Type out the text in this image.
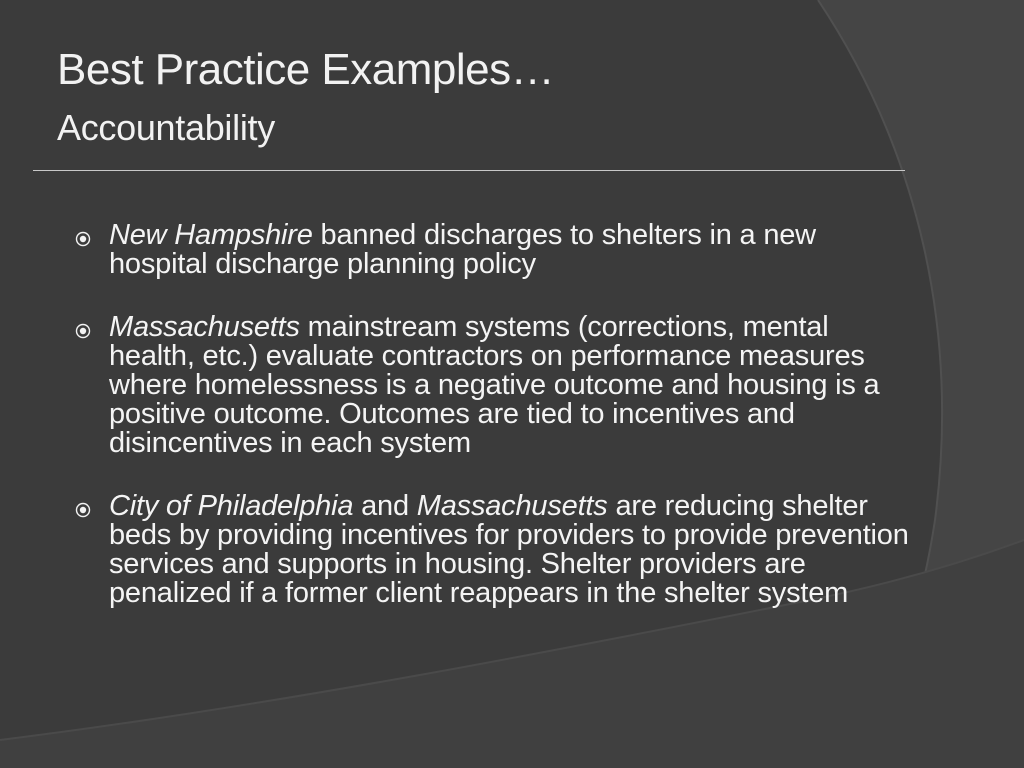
Best Practice Examples…
Accountability

New Hampshire banned discharges to shelters in a new hospital discharge planning policy

Massachusetts mainstream systems (corrections, mental health, etc.) evaluate contractors on performance measures where homelessness is a negative outcome and housing is a positive outcome. Outcomes are tied to incentives and disincentives in each system

City of Philadelphia and Massachusetts are reducing shelter beds by providing incentives for providers to provide prevention services and supports in housing. Shelter providers are penalized if a former client reappears in the shelter system
